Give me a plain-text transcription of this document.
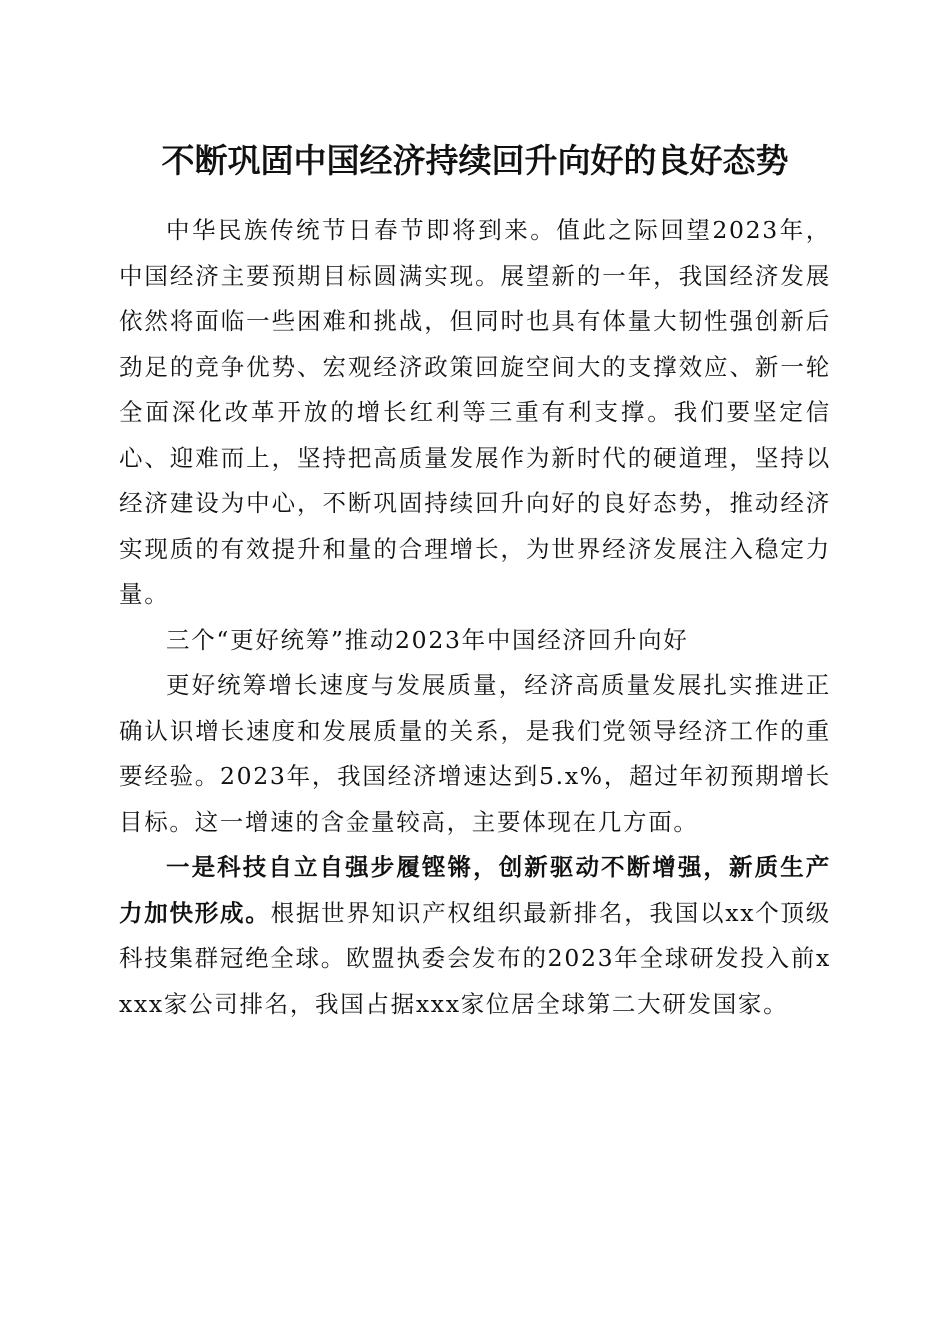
不断巩固中国经济持续回升向好的良好态势

中华民族传统节日春节即将到来。值此之际回望2023年，中国经济主要预期目标圆满实现。展望新的一年，我国经济发展依然将面临一些困难和挑战，但同时也具有体量大韧性强创新后劲足的竞争优势、宏观经济政策回旋空间大的支撑效应、新一轮全面深化改革开放的增长红利等三重有利支撑。我们要坚定信心、迎难而上，坚持把高质量发展作为新时代的硬道理，坚持以经济建设为中心，不断巩固持续回升向好的良好态势，推动经济实现质的有效提升和量的合理增长，为世界经济发展注入稳定力量。

三个“更好统筹”推动2023年中国经济回升向好

更好统筹增长速度与发展质量，经济高质量发展扎实推进正确认识增长速度和发展质量的关系，是我们党领导经济工作的重要经验。2023年，我国经济增速达到5.x%，超过年初预期增长目标。这一增速的含金量较高，主要体现在几方面。

一是科技自立自强步履铿锵，创新驱动不断增强，新质生产力加快形成。根据世界知识产权组织最新排名，我国以xx个顶级科技集群冠绝全球。欧盟执委会发布的2023年全球研发投入前xxxx家公司排名，我国占据xxx家位居全球第二大研发国家。
